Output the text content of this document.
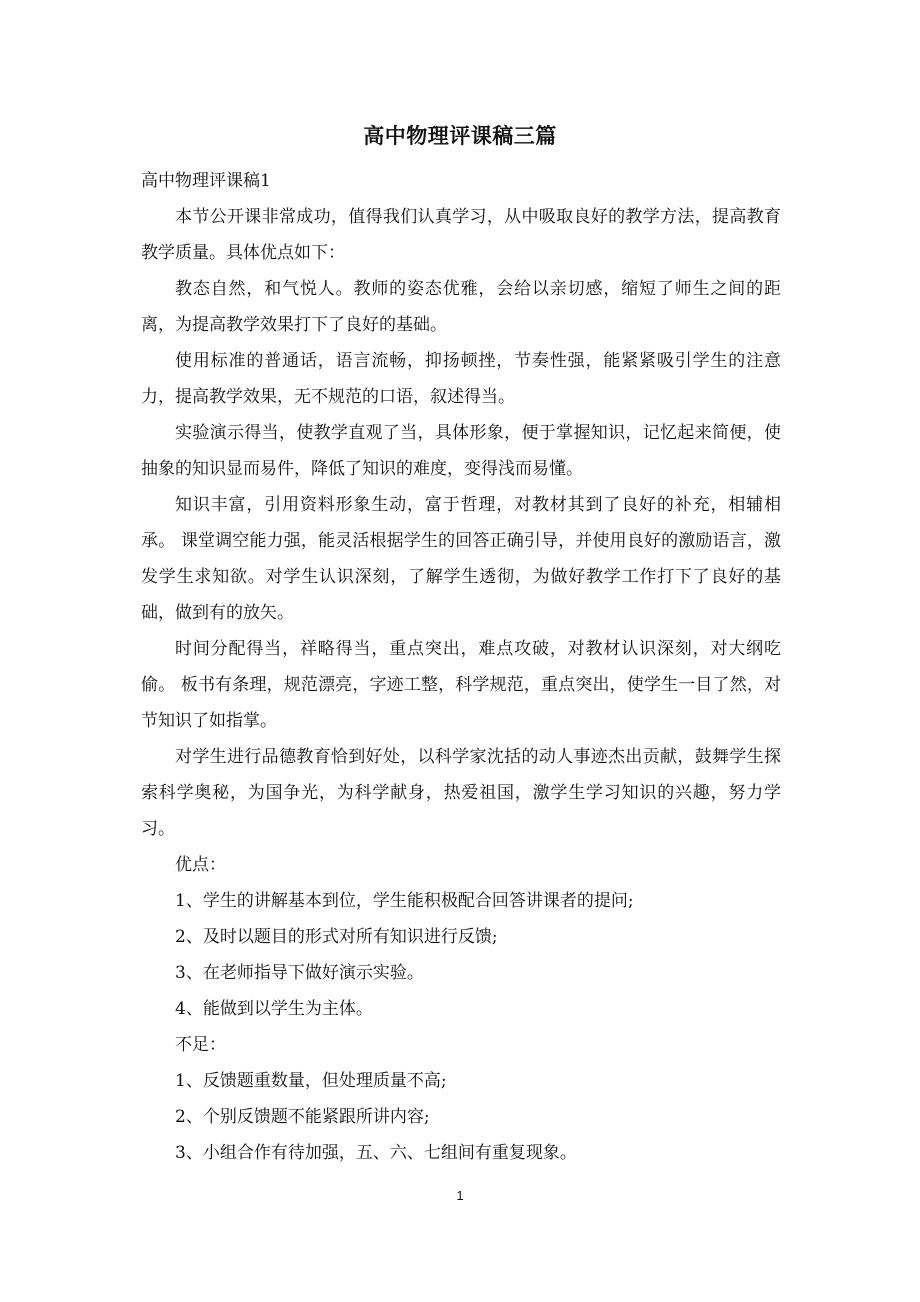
高中物理评课稿三篇
高中物理评课稿1

本节公开课非常成功，值得我们认真学习，从中吸取良好的教学方法，提高教育教学质量。具体优点如下：

教态自然，和气悦人。教师的姿态优雅，会给以亲切感，缩短了师生之间的距离，为提高教学效果打下了良好的基础。

使用标准的普通话，语言流畅，抑扬顿挫，节奏性强，能紧紧吸引学生的注意力，提高教学效果，无不规范的口语，叙述得当。

实验演示得当，使教学直观了当，具体形象，便于掌握知识，记忆起来简便，使抽象的知识显而易件，降低了知识的难度，变得浅而易懂。

知识丰富，引用资料形象生动，富于哲理，对教材其到了良好的补充，相辅相承。 课堂调空能力强，能灵活根据学生的回答正确引导，并使用良好的激励语言，激发学生求知欲。对学生认识深刻，了解学生透彻，为做好教学工作打下了良好的基础，做到有的放矢。

时间分配得当，祥略得当，重点突出，难点攻破，对教材认识深刻，对大纲吃偷。 板书有条理，规范漂亮，字迹工整，科学规范，重点突出，使学生一目了然，对节知识了如指掌。

对学生进行品德教育恰到好处，以科学家沈括的动人事迹杰出贡献，鼓舞学生探索科学奥秘，为国争光，为科学献身，热爱祖国，激学生学习知识的兴趣，努力学习。

优点：

1、学生的讲解基本到位，学生能积极配合回答讲课者的提问;

2、及时以题目的形式对所有知识进行反馈;

3、在老师指导下做好演示实验。

4、能做到以学生为主体。

不足：

1、反馈题重数量，但处理质量不高;

2、个别反馈题不能紧跟所讲内容;

3、小组合作有待加强，五、六、七组间有重复现象。

1
